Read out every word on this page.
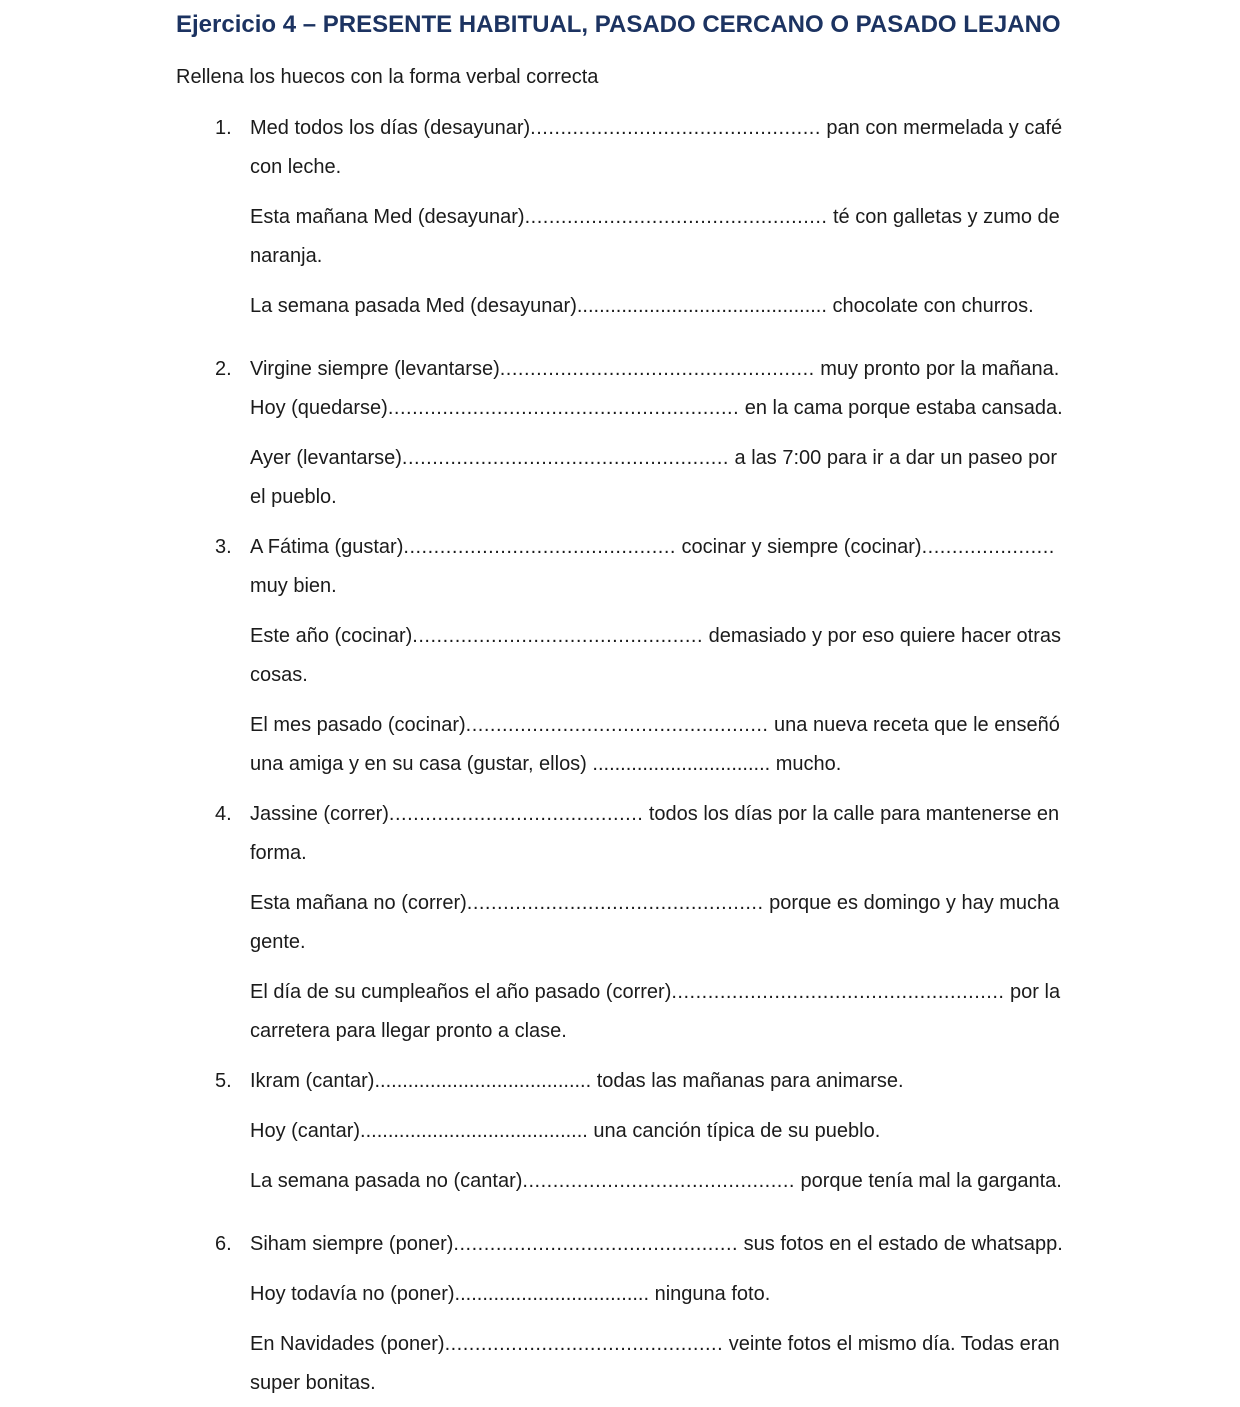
Ejercicio 4 – PRESENTE HABITUAL, PASADO CERCANO O PASADO LEJANO
Rellena los huecos con la forma verbal correcta
1. Med todos los días (desayunar)................................................ pan con mermelada y café
con leche.
Esta mañana Med (desayunar).................................................. té con galletas y zumo de
naranja.
La semana pasada Med (desayunar)............................................. chocolate con churros.
2. Virgine siempre (levantarse).................................................... muy pronto por la mañana.
Hoy (quedarse).......................................................... en la cama porque estaba cansada.
Ayer (levantarse)...................................................... a las 7:00 para ir a dar un paseo por
el pueblo.
3. A Fátima (gustar)............................................. cocinar y siempre (cocinar)......................
muy bien.
Este año (cocinar)................................................ demasiado y por eso quiere hacer otras
cosas.
El mes pasado (cocinar).................................................. una nueva receta que le enseñó
una amiga y en su casa (gustar, ellos) ................................ mucho.
4. Jassine (correr).......................................... todos los días por la calle para mantenerse en
forma.
Esta mañana no (correr)................................................. porque es domingo y hay mucha
gente.
El día de su cumpleaños el año pasado (correr)....................................................... por la
carretera para llegar pronto a clase.
5. Ikram (cantar)....................................... todas las mañanas para animarse.
Hoy (cantar)......................................... una canción típica de su pueblo.
La semana pasada no (cantar)............................................. porque tenía mal la garganta.
6. Siham siempre (poner)............................................... sus fotos en el estado de whatsapp.
Hoy todavía no (poner)................................... ninguna foto.
En Navidades (poner).............................................. veinte fotos el mismo día. Todas eran
super bonitas.
